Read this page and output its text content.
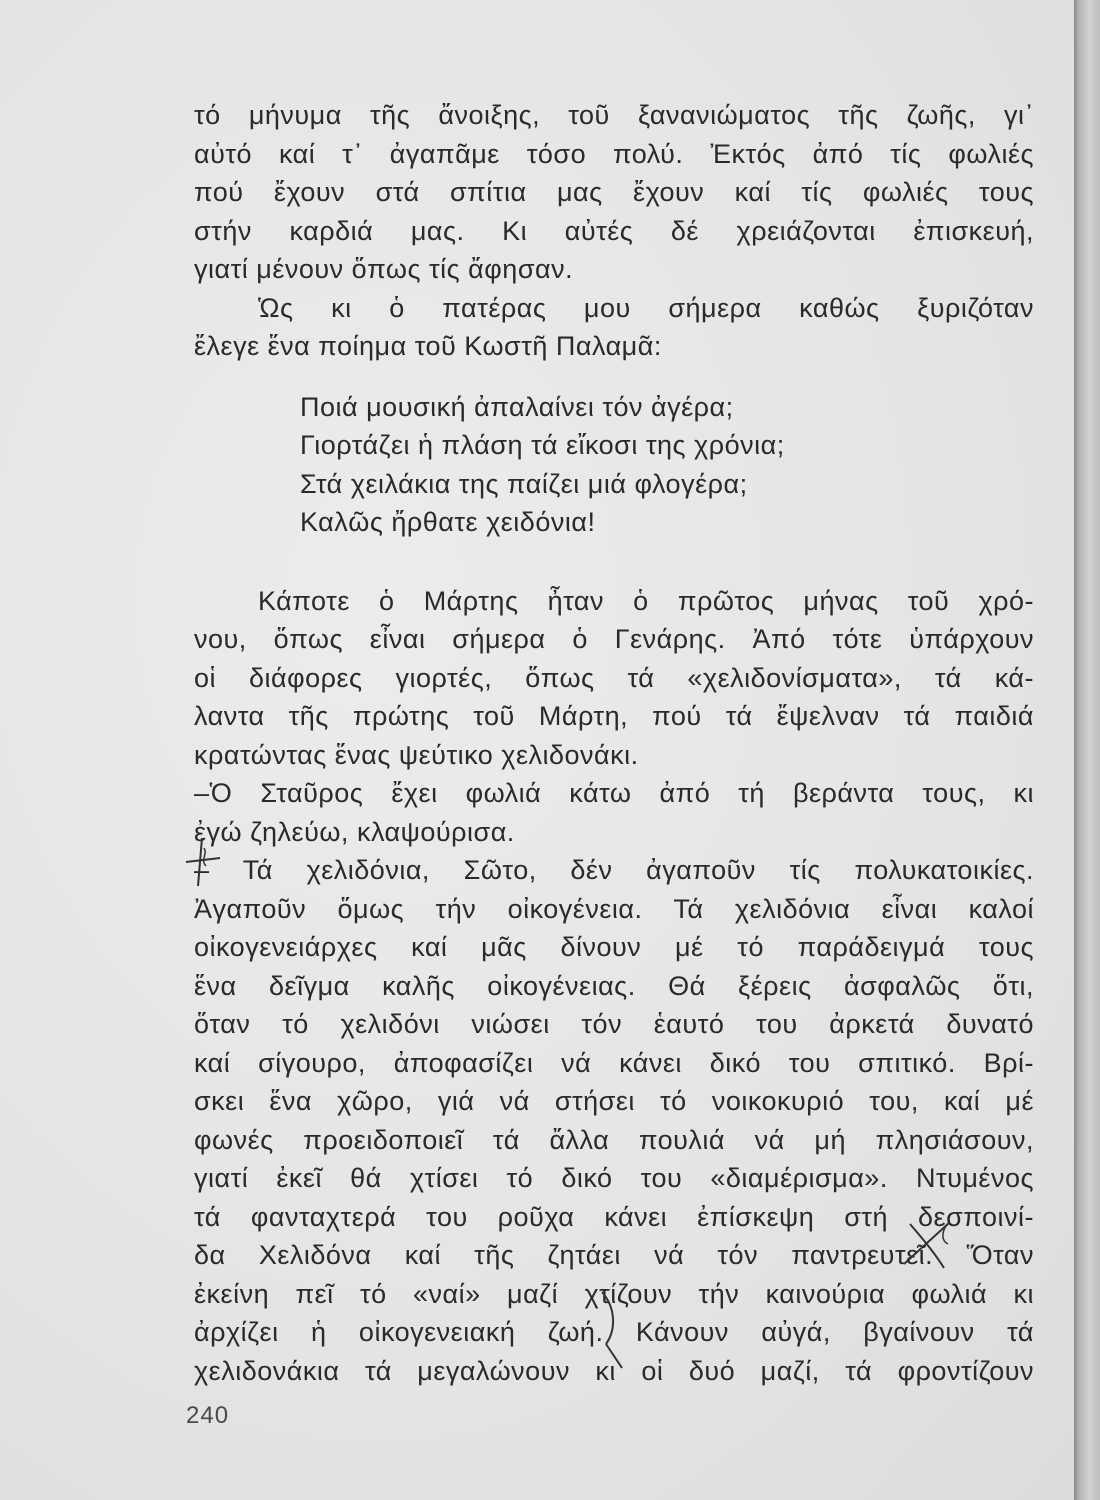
τό μήνυμα τῆς ἄνοιξης, τοῦ ξανανιώματος τῆς ζωῆς, γι᾿
αὐτό καί τ᾿ ἀγαπᾶμε τόσο πολύ. Ἐκτός ἀπό τίς φωλιές
πού ἔχουν στά σπίτια μας ἔχουν καί τίς φωλιές τους
στήν καρδιά μας. Κι αὐτές δέ χρειάζονται ἐπισκευή,
γιατί μένουν ὅπως τίς ἄφησαν.
Ὡς κι ὁ πατέρας μου σήμερα καθώς ξυριζόταν
ἔλεγε ἕνα ποίημα τοῦ Κωστῆ Παλαμᾶ:
Ποιά μουσική ἀπαλαίνει τόν ἀγέρα;
Γιορτάζει ἡ πλάση τά εἴκοσι της χρόνια;
Στά χειλάκια της παίζει μιά φλογέρα;
Καλῶς ἤρθατε χειδόνια!
Κάποτε ὁ Μάρτης ἦταν ὁ πρῶτος μήνας τοῦ χρό-
νου, ὅπως εἶναι σήμερα ὁ Γενάρης. Ἀπό τότε ὑπάρχουν
οἱ διάφορες γιορτές, ὅπως τά «χελιδονίσματα», τά κά-
λαντα τῆς πρώτης τοῦ Μάρτη, πού τά ἔψελναν τά παιδιά
κρατώντας ἕνας ψεύτικο χελιδονάκι.
–Ὁ Σταῦρος ἔχει φωλιά κάτω ἀπό τή βεράντα τους, κι
ἐγώ ζηλεύω, κλαψούρισα.
– Τά χελιδόνια, Σῶτο, δέν ἀγαποῦν τίς πολυκατοικίες.
Ἀγαποῦν ὅμως τήν οἰκογένεια. Τά χελιδόνια εἶναι καλοί
οἰκογενειάρχες καί μᾶς δίνουν μέ τό παράδειγμά τους
ἕνα δεῖγμα καλῆς οἰκογένειας. Θά ξέρεις ἀσφαλῶς ὅτι,
ὅταν τό χελιδόνι νιώσει τόν ἑαυτό του ἀρκετά δυνατό
καί σίγουρο, ἀποφασίζει νά κάνει δικό του σπιτικό. Βρί-
σκει ἕνα χῶρο, γιά νά στήσει τό νοικοκυριό του, καί μέ
φωνές προειδοποιεῖ τά ἄλλα πουλιά νά μή πλησιάσουν,
γιατί ἐκεῖ θά χτίσει τό δικό του «διαμέρισμα». Ντυμένος
τά φανταχτερά του ροῦχα κάνει ἐπίσκεψη στή δεσποινί-
δα Χελιδόνα καί τῆς ζητάει νά τόν παντρευτεῖ. Ὅταν
ἐκείνη πεῖ τό «ναί» μαζί χτίζουν τήν καινούρια φωλιά κι
ἀρχίζει ἡ οἰκογενειακή ζωή. Κάνουν αὐγά, βγαίνουν τά
χελιδονάκια τά μεγαλώνουν κι οἱ δυό μαζί, τά φροντίζουν
240
